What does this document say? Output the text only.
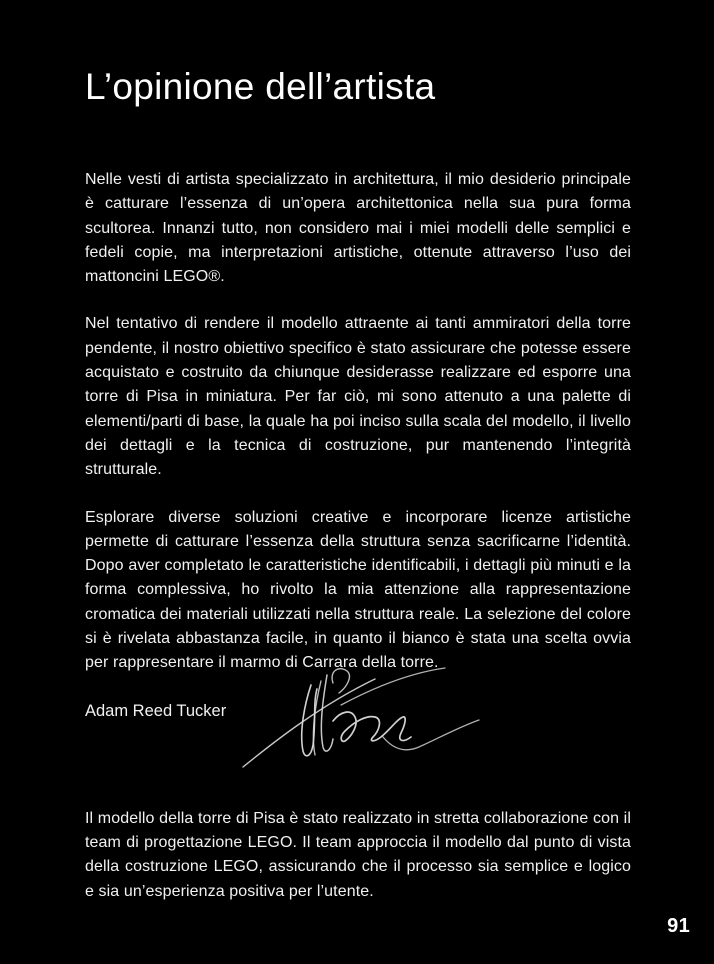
L’opinione dell’artista

Nelle vesti di artista specializzato in architettura, il mio desiderio principale è catturare l’essenza di un’opera architettonica nella sua pura forma scultorea. Innanzi tutto, non considero mai i miei modelli delle semplici e fedeli copie, ma interpretazioni artistiche, ottenute attraverso l’uso dei mattoncini LEGO®.

Nel tentativo di rendere il modello attraente ai tanti ammiratori della torre pendente, il nostro obiettivo specifico è stato assicurare che potesse essere acquistato e costruito da chiunque desiderasse realizzare ed esporre una torre di Pisa in miniatura. Per far ciò, mi sono attenuto a una palette di elementi/parti di base, la quale ha poi inciso sulla scala del modello, il livello dei dettagli e la tecnica di costruzione, pur mantenendo l’integrità strutturale.

Esplorare diverse soluzioni creative e incorporare licenze artistiche permette di catturare l’essenza della struttura senza sacrificarne l’identità. Dopo aver completato le caratteristiche identificabili, i dettagli più minuti e la forma complessiva, ho rivolto la mia attenzione alla rappresentazione cromatica dei materiali utilizzati nella struttura reale. La selezione del colore si è rivelata abbastanza facile, in quanto il bianco è stata una scelta ovvia per rappresentare il marmo di Carrara della torre.

Adam Reed Tucker

Il modello della torre di Pisa è stato realizzato in stretta collaborazione con il team di progettazione LEGO. Il team approccia il modello dal punto di vista della costruzione LEGO, assicurando che il processo sia semplice e logico e sia un’esperienza positiva per l’utente.

91
